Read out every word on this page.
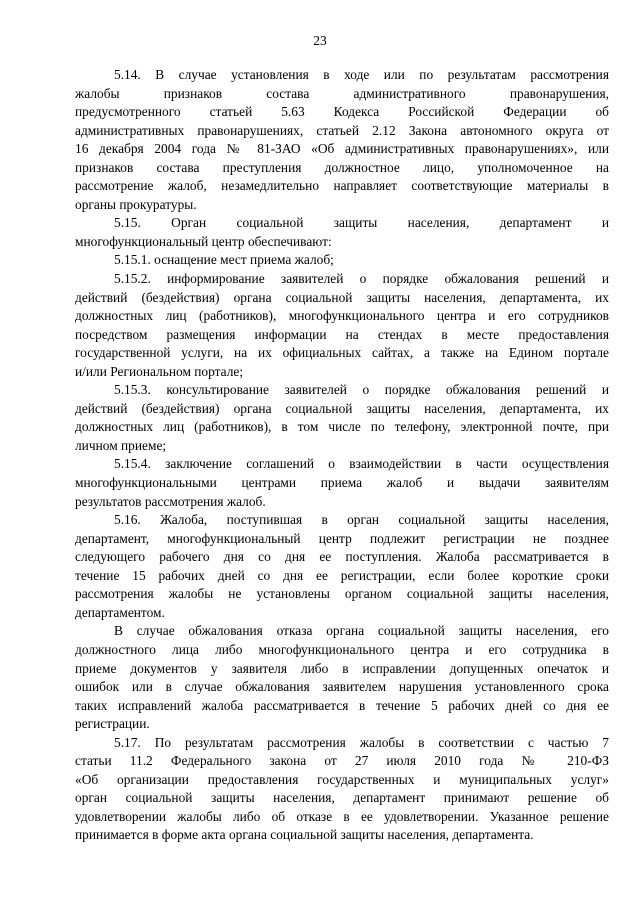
23
5.14. В случае установления в ходе или по результатам рассмотрения
жалобы признаков состава административного правонарушения,
предусмотренного статьей 5.63 Кодекса Российской Федерации об
административных правонарушениях, статьей 2.12 Закона автономного округа от
16 декабря 2004 года № 81-ЗАО «Об административных правонарушениях», или
признаков состава преступления должностное лицо, уполномоченное на
рассмотрение жалоб, незамедлительно направляет соответствующие материалы в
органы прокуратуры.
5.15. Орган социальной защиты населения, департамент и
многофункциональный центр обеспечивают:
5.15.1. оснащение мест приема жалоб;
5.15.2. информирование заявителей о порядке обжалования решений и
действий (бездействия) органа социальной защиты населения, департамента, их
должностных лиц (работников), многофункционального центра и его сотрудников
посредством размещения информации на стендах в месте предоставления
государственной услуги, на их официальных сайтах, а также на Едином портале
и/или Региональном портале;
5.15.3. консультирование заявителей о порядке обжалования решений и
действий (бездействия) органа социальной защиты населения, департамента, их
должностных лиц (работников), в том числе по телефону, электронной почте, при
личном приеме;
5.15.4. заключение соглашений о взаимодействии в части осуществления
многофункциональными центрами приема жалоб и выдачи заявителям
результатов рассмотрения жалоб.
5.16. Жалоба, поступившая в орган социальной защиты населения,
департамент, многофункциональный центр подлежит регистрации не позднее
следующего рабочего дня со дня ее поступления. Жалоба рассматривается в
течение 15 рабочих дней со дня ее регистрации, если более короткие сроки
рассмотрения жалобы не установлены органом социальной защиты населения,
департаментом.
В случае обжалования отказа органа социальной защиты населения, его
должностного лица либо многофункционального центра и его сотрудника в
приеме документов у заявителя либо в исправлении допущенных опечаток и
ошибок или в случае обжалования заявителем нарушения установленного срока
таких исправлений жалоба рассматривается в течение 5 рабочих дней со дня ее
регистрации.
5.17. По результатам рассмотрения жалобы в соответствии с частью 7
статьи 11.2 Федерального закона от 27 июля 2010 года № 210-ФЗ
«Об организации предоставления государственных и муниципальных услуг»
орган социальной защиты населения, департамент принимают решение об
удовлетворении жалобы либо об отказе в ее удовлетворении. Указанное решение
принимается в форме акта органа социальной защиты населения, департамента.
